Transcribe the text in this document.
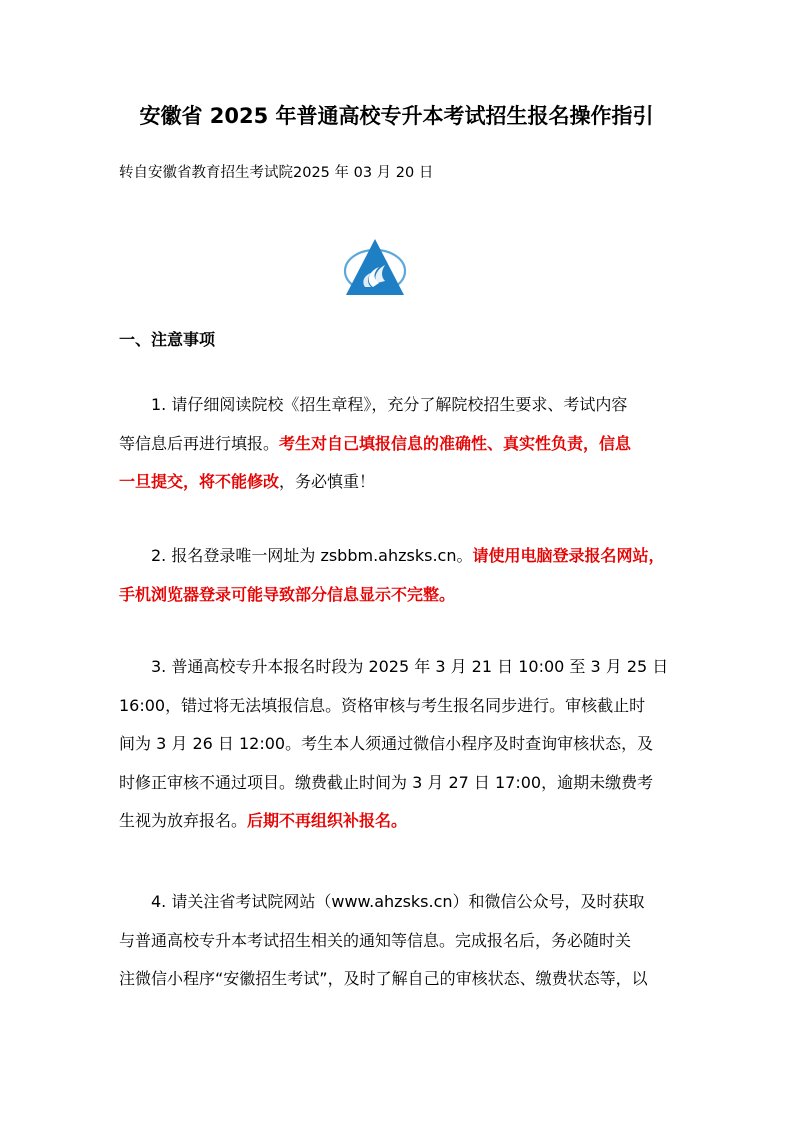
安徽省 2025 年普通高校专升本考试招生报名操作指引
转自安徽省教育招生考试院2025 年 03 月 20 日
一、注意事项
1. 请仔细阅读院校《招生章程》，充分了解院校招生要求、考试内容
等信息后再进行填报。考生对自己填报信息的准确性、真实性负责，信息
一旦提交，将不能修改，务必慎重！
2. 报名登录唯一网址为 zsbbm.ahzsks.cn。请使用电脑登录报名网站，
手机浏览器登录可能导致部分信息显示不完整。
3. 普通高校专升本报名时段为 2025 年 3 月 21 日 10:00 至 3 月 25 日
16:00，错过将无法填报信息。资格审核与考生报名同步进行。审核截止时
间为 3 月 26 日 12:00。考生本人须通过微信小程序及时查询审核状态，及
时修正审核不通过项目。缴费截止时间为 3 月 27 日 17:00，逾期未缴费考
生视为放弃报名。后期不再组织补报名。
4. 请关注省考试院网站（www.ahzsks.cn）和微信公众号，及时获取
与普通高校专升本考试招生相关的通知等信息。完成报名后，务必随时关
注微信小程序“安徽招生考试”，及时了解自己的审核状态、缴费状态等，以
